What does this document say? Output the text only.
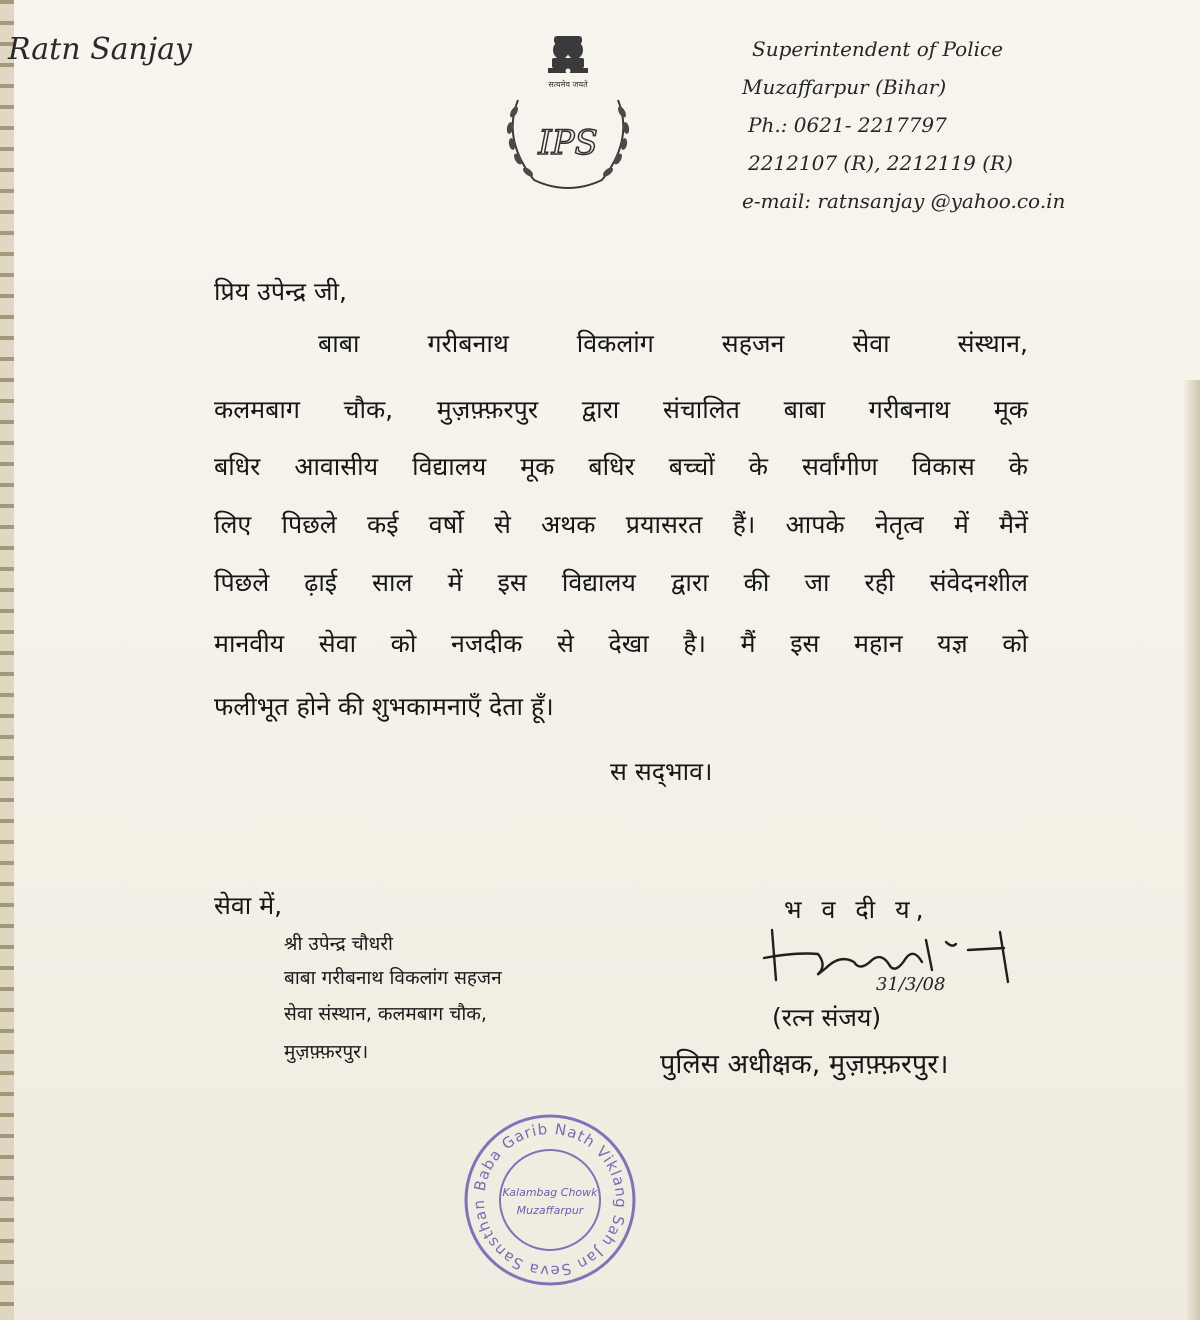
Ratn Sanjay
सत्यमेव जयते
IPS
Superintendent of Police
Muzaffarpur (Bihar)
Ph.: 0621- 2217797
2212107 (R), 2212119 (R)
e-mail: ratnsanjay @yahoo.co.in
प्रिय उपेन्द्र जी,
बाबा गरीबनाथ विकलांग सहजन सेवा संस्थान,
कलमबाग चौक, मुज़फ़्फ़रपुर द्वारा संचालित बाबा गरीबनाथ मूक
बधिर आवासीय विद्यालय मूक बधिर बच्चों के सर्वांगीण विकास के
लिए पिछले कई वर्षो से अथक प्रयासरत हैं। आपके नेतृत्व में मैनें
पिछले ढ़ाई साल में इस विद्यालय द्वारा की जा रही संवेदनशील
मानवीय सेवा को नजदीक से देखा है। मैं इस महान यज्ञ को
फलीभूत होने की शुभकामनाएँ देता हूँ।
स सद्‌भाव।
सेवा में,
श्री उपेन्द्र चौधरी
बाबा गरीबनाथ विकलांग सहजन
सेवा संस्थान, कलमबाग चौक,
मुज़फ़्फ़रपुर।
भ व दी य,
31/3/08
(रत्न संजय)
पुलिस अधीक्षक, मुज़फ़्फ़रपुर।
Baba Garib Nath Viklang Sah Jan Seva Sansthan
Kalambag Chowk
Muzaffarpur
